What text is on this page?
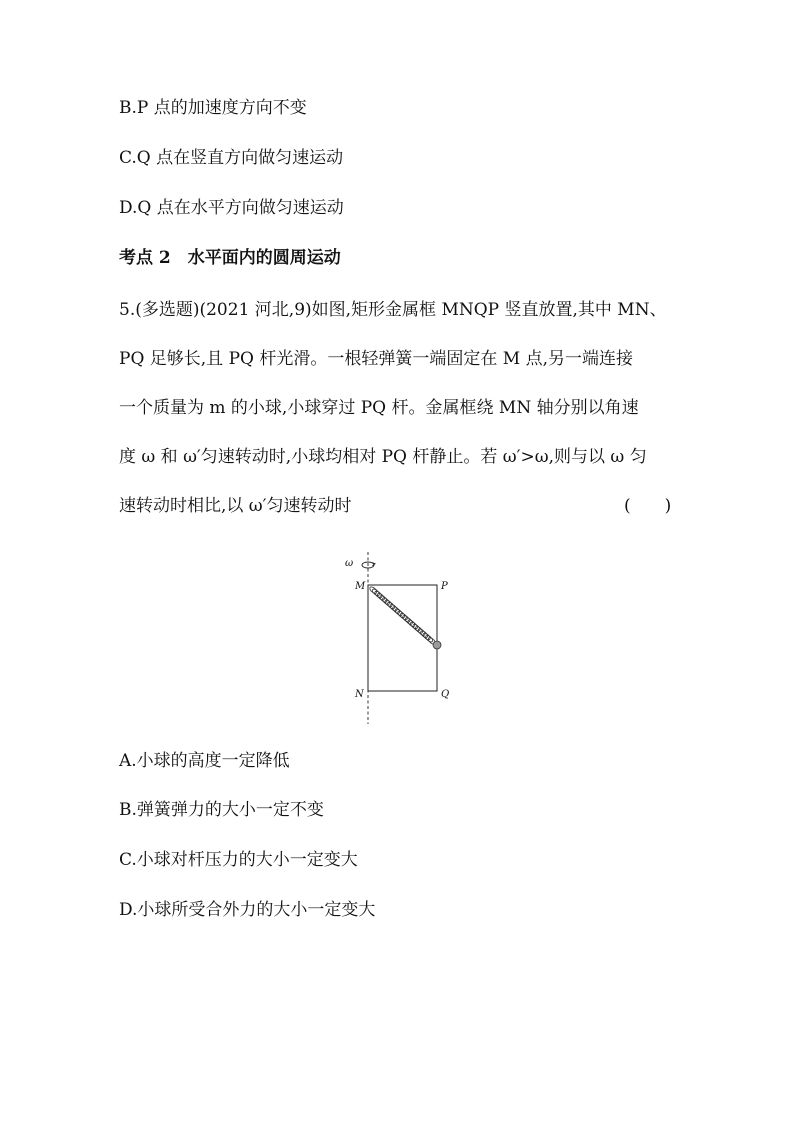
B.P 点的加速度方向不变
C.Q 点在竖直方向做匀速运动
D.Q 点在水平方向做匀速运动
考点 2　水平面内的圆周运动
5.(多选题)(2021 河北,9)如图,矩形金属框 MNQP 竖直放置,其中 MN、
PQ 足够长,且 PQ 杆光滑。一根轻弹簧一端固定在 M 点,另一端连接
一个质量为 m 的小球,小球穿过 PQ 杆。金属框绕 MN 轴分别以角速
度 ω 和 ω′匀速转动时,小球均相对 PQ 杆静止。若 ω′>ω,则与以 ω 匀
速转动时相比,以 ω′匀速转动时	(　　)
ω
M	P
N	Q
A.小球的高度一定降低
B.弹簧弹力的大小一定不变
C.小球对杆压力的大小一定变大
D.小球所受合外力的大小一定变大
